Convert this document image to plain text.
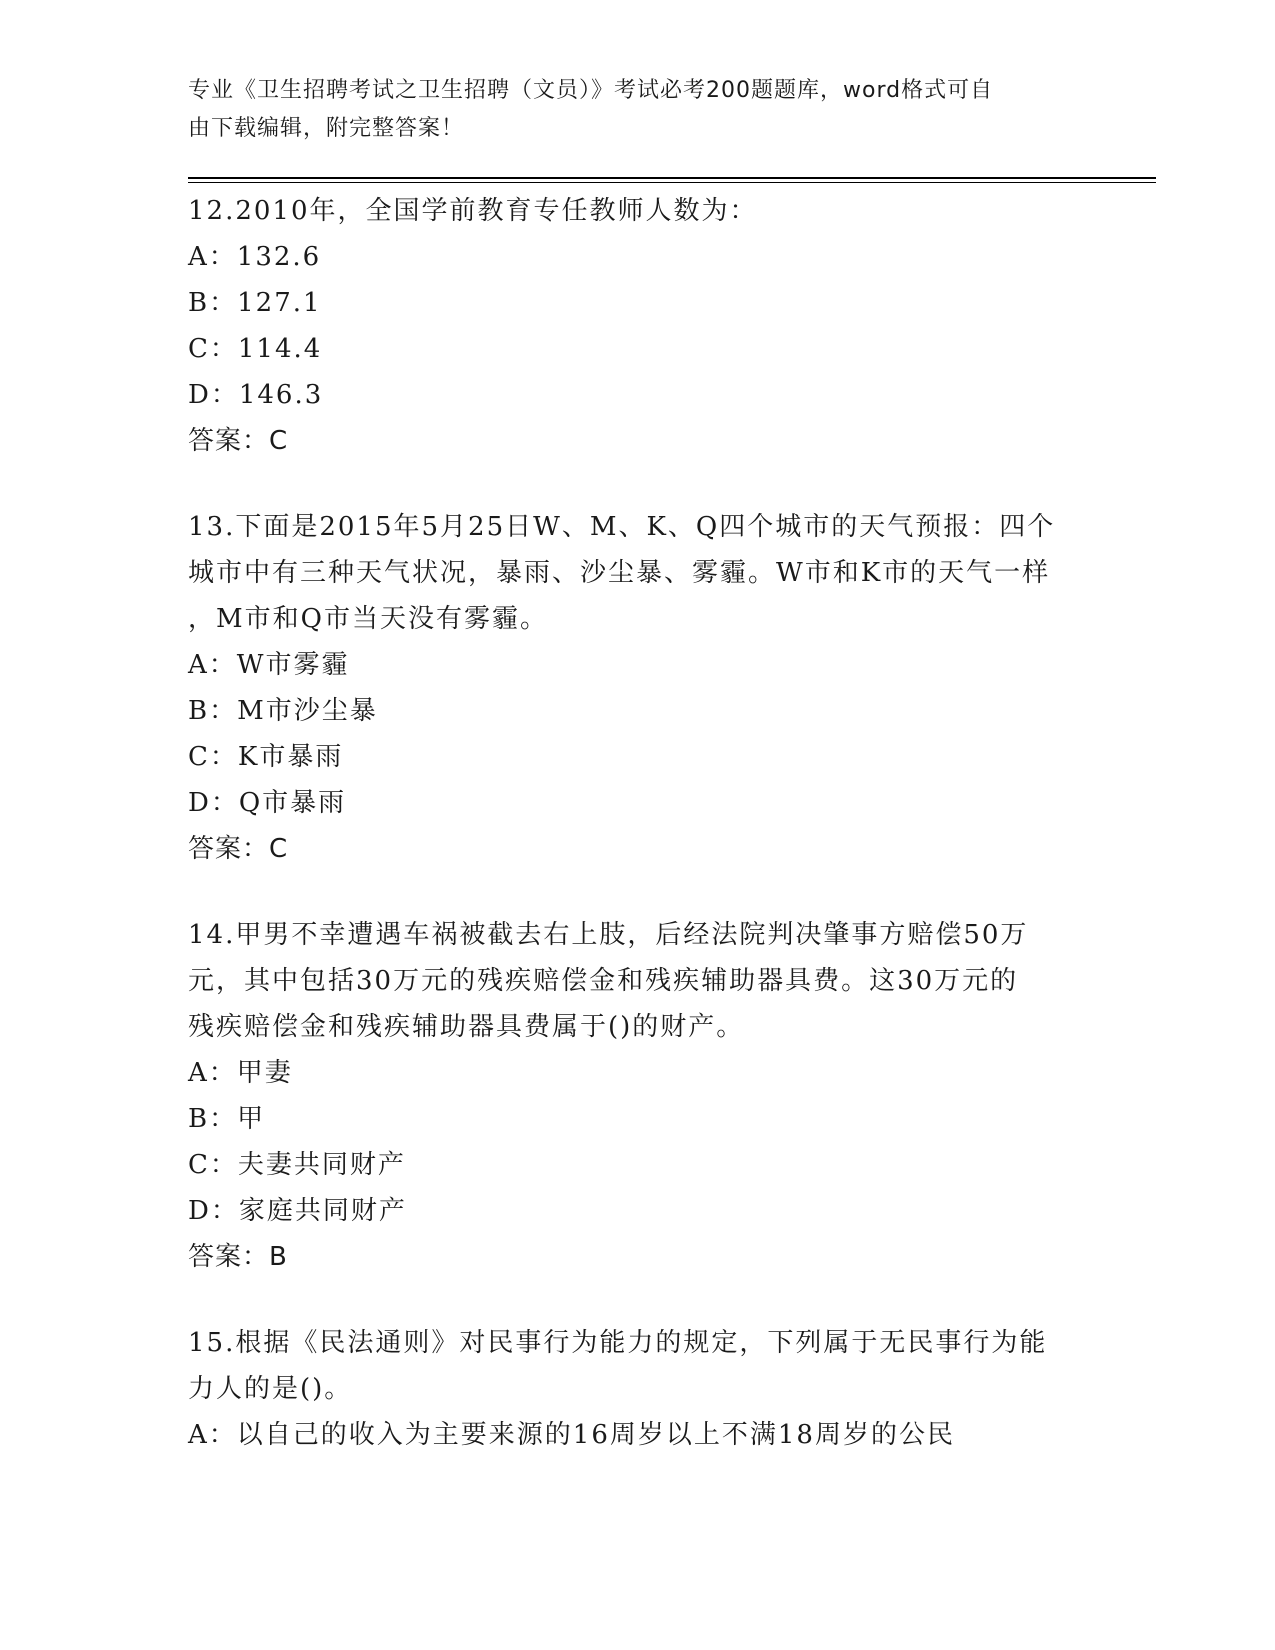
专业《卫生招聘考试之卫生招聘（文员）》考试必考200题题库，word格式可自
由下载编辑，附完整答案！
12.2010年，全国学前教育专任教师人数为：
A：132.6
B：127.1
C：114.4
D：146.3
答案：C
13.下面是2015年5月25日W、M、K、Q四个城市的天气预报：四个
城市中有三种天气状况，暴雨、沙尘暴、雾霾。W市和K市的天气一样
，M市和Q市当天没有雾霾。
A：W市雾霾
B：M市沙尘暴
C：K市暴雨
D：Q市暴雨
答案：C
14.甲男不幸遭遇车祸被截去右上肢，后经法院判决肇事方赔偿50万
元，其中包括30万元的残疾赔偿金和残疾辅助器具费。这30万元的
残疾赔偿金和残疾辅助器具费属于()的财产。
A：甲妻
B：甲
C：夫妻共同财产
D：家庭共同财产
答案：B
15.根据《民法通则》对民事行为能力的规定，下列属于无民事行为能
力人的是()。
A：以自己的收入为主要来源的16周岁以上不满18周岁的公民
